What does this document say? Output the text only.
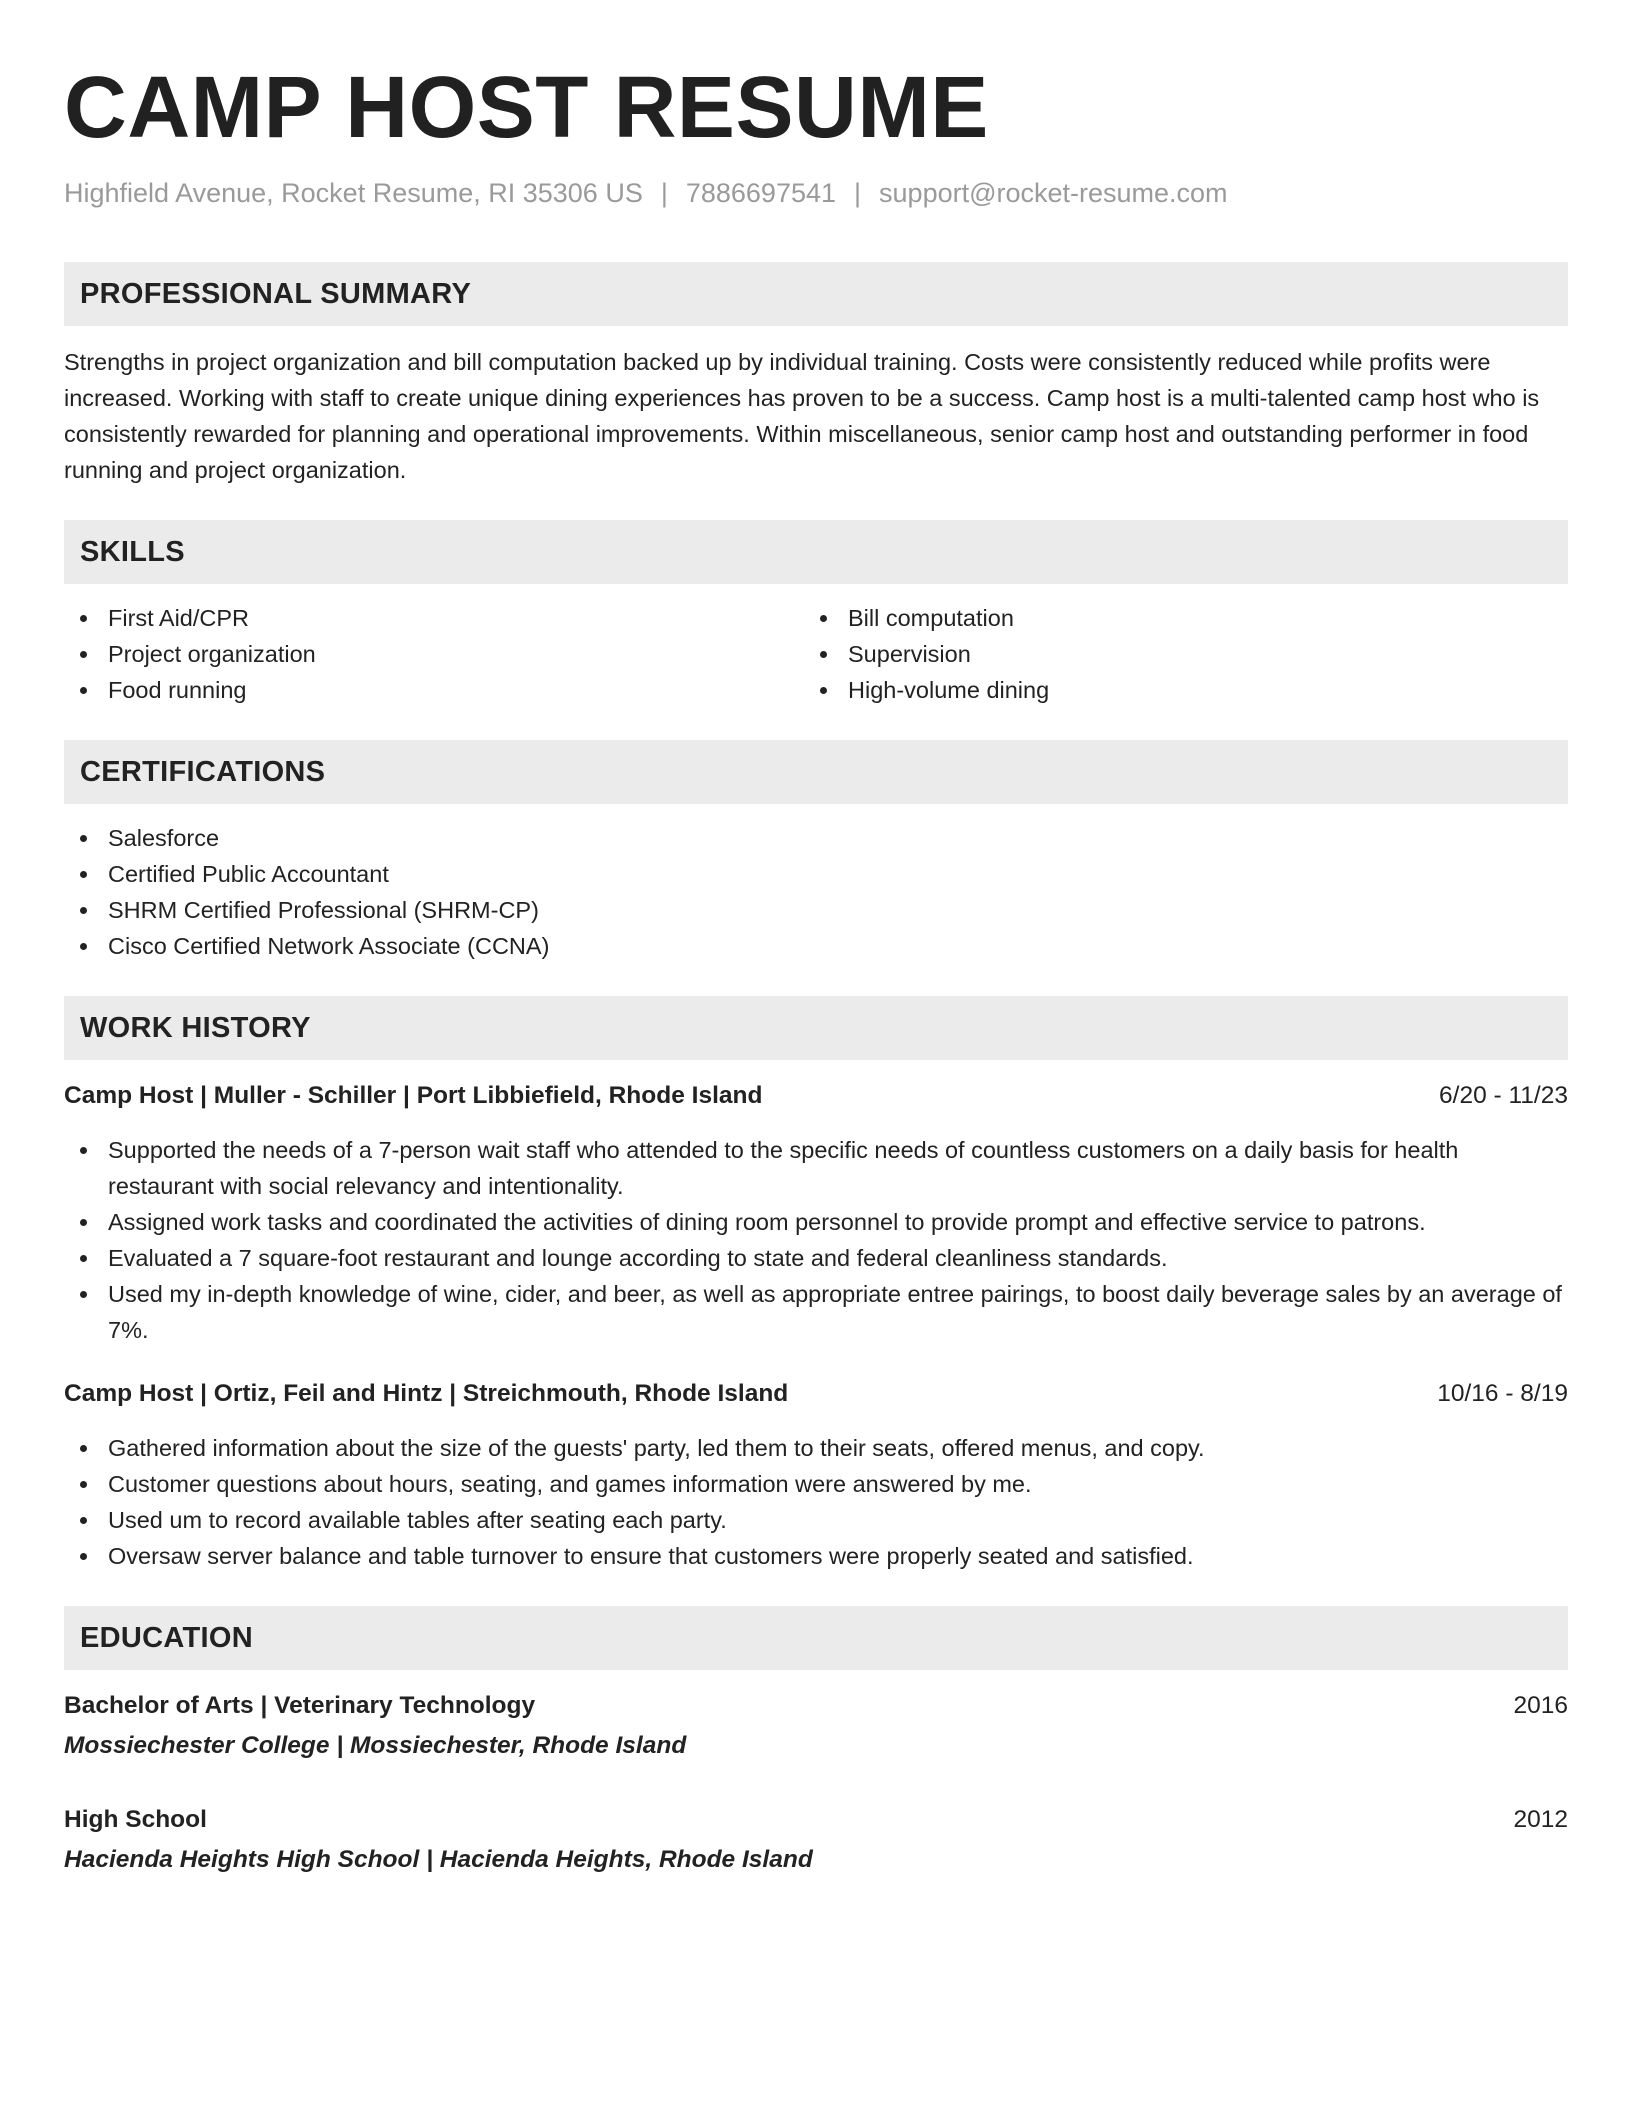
CAMP HOST RESUME
Highfield Avenue, Rocket Resume, RI 35306 US | 7886697541 | support@rocket-resume.com
PROFESSIONAL SUMMARY
Strengths in project organization and bill computation backed up by individual training. Costs were consistently reduced while profits were increased. Working with staff to create unique dining experiences has proven to be a success. Camp host is a multi-talented camp host who is consistently rewarded for planning and operational improvements. Within miscellaneous, senior camp host and outstanding performer in food running and project organization.
SKILLS
First Aid/CPR
Project organization
Food running
Bill computation
Supervision
High-volume dining
CERTIFICATIONS
Salesforce
Certified Public Accountant
SHRM Certified Professional (SHRM-CP)
Cisco Certified Network Associate (CCNA)
WORK HISTORY
Camp Host | Muller - Schiller | Port Libbiefield, Rhode Island	6/20 - 11/23
Supported the needs of a 7-person wait staff who attended to the specific needs of countless customers on a daily basis for health restaurant with social relevancy and intentionality.
Assigned work tasks and coordinated the activities of dining room personnel to provide prompt and effective service to patrons.
Evaluated a 7 square-foot restaurant and lounge according to state and federal cleanliness standards.
Used my in-depth knowledge of wine, cider, and beer, as well as appropriate entree pairings, to boost daily beverage sales by an average of 7%.
Camp Host | Ortiz, Feil and Hintz | Streichmouth, Rhode Island	10/16 - 8/19
Gathered information about the size of the guests' party, led them to their seats, offered menus, and copy.
Customer questions about hours, seating, and games information were answered by me.
Used um to record available tables after seating each party.
Oversaw server balance and table turnover to ensure that customers were properly seated and satisfied.
EDUCATION
Bachelor of Arts | Veterinary Technology	2016
Mossiechester College | Mossiechester, Rhode Island
High School	2012
Hacienda Heights High School | Hacienda Heights, Rhode Island
